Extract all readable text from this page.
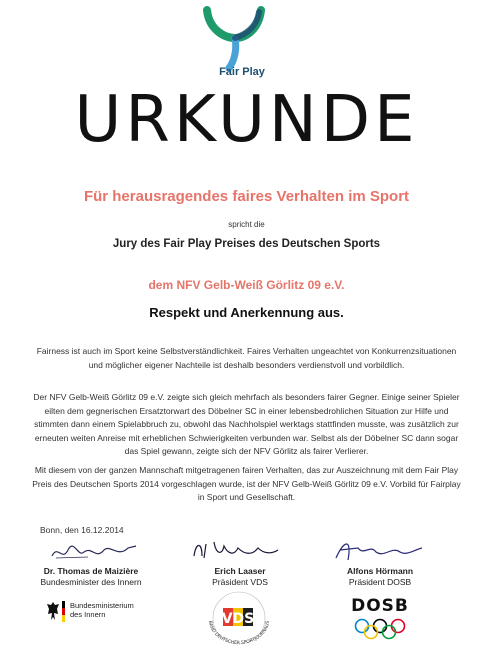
Fair Play
URKUNDE
Für herausragendes faires Verhalten im Sport
spricht die
Jury des Fair Play Preises des Deutschen Sports
dem NFV Gelb-Weiß Görlitz 09 e.V.
Respekt und Anerkennung aus.
Fairness ist auch im Sport keine Selbstverständlichkeit. Faires Verhalten ungeachtet von Konkurrenzsituationen und möglicher eigener Nachteile ist deshalb besonders verdienstvoll und vorbildlich.
Der NFV Gelb-Weiß Görlitz 09 e.V. zeigte sich gleich mehrfach als besonders fairer Gegner. Einige seiner Spieler eilten dem gegnerischen Ersatztorwart des Döbelner SC in einer lebensbedrohlichen Situation zur Hilfe und stimmten dann einem Spielabbruch zu, obwohl das Nachholspiel werktags stattfinden musste, was zusätzlich zur erneuten weiten Anreise mit erheblichen Schwierigkeiten verbunden war. Selbst als der Döbelner SC dann sogar das Spiel gewann, zeigte sich der NFV Görlitz als fairer Verlierer.
Mit diesem von der ganzen Mannschaft mitgetragenen fairen Verhalten, das zur Auszeichnung mit dem Fair Play Preis des Deutschen Sports 2014 vorgeschlagen wurde, ist der NFV Gelb-Weiß Görlitz 09 e.V. Vorbild für Fairplay in Sport und Gesellschaft.
Bonn, den 16.12.2014
Dr. Thomas de Maizière
Bundesminister des Innern
Erich Laaser
Präsident VDS
Alfons Hörmann
Präsident DOSB
Bundesministerium
des Innern	VDS
BAND DEUTSCHER SPORTJOURNALIS
DOSB
